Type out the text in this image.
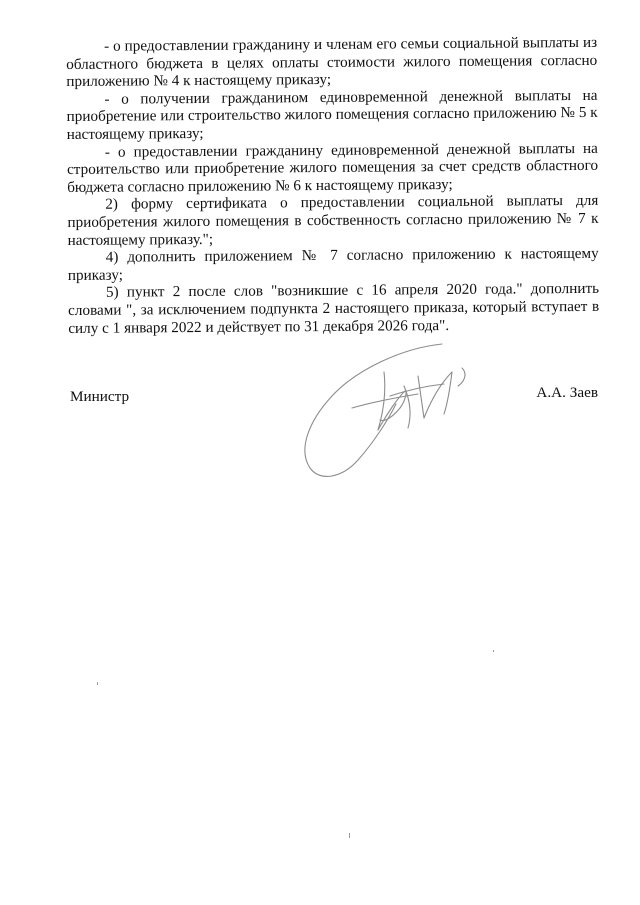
- о предоставлении гражданину и членам его семьи социальной выплаты из областного бюджета в целях оплаты стоимости жилого помещения согласно приложению № 4 к настоящему приказу;

- о получении гражданином единовременной денежной выплаты на приобретение или строительство жилого помещения согласно приложению № 5 к настоящему приказу;

- о предоставлении гражданину единовременной денежной выплаты на строительство или приобретение жилого помещения за счет средств областного бюджета согласно приложению № 6 к настоящему приказу;

2) форму сертификата о предоставлении социальной выплаты для приобретения жилого помещения в собственность согласно приложению № 7 к настоящему приказу.";

4) дополнить приложением № 7 согласно приложению к настоящему приказу;

5) пункт 2 после слов "возникшие с 16 апреля 2020 года." дополнить словами ", за исключением подпункта 2 настоящего приказа, который вступает в силу с 1 января 2022 и действует по 31 декабря 2026 года".

Министр	А.А. Заев
